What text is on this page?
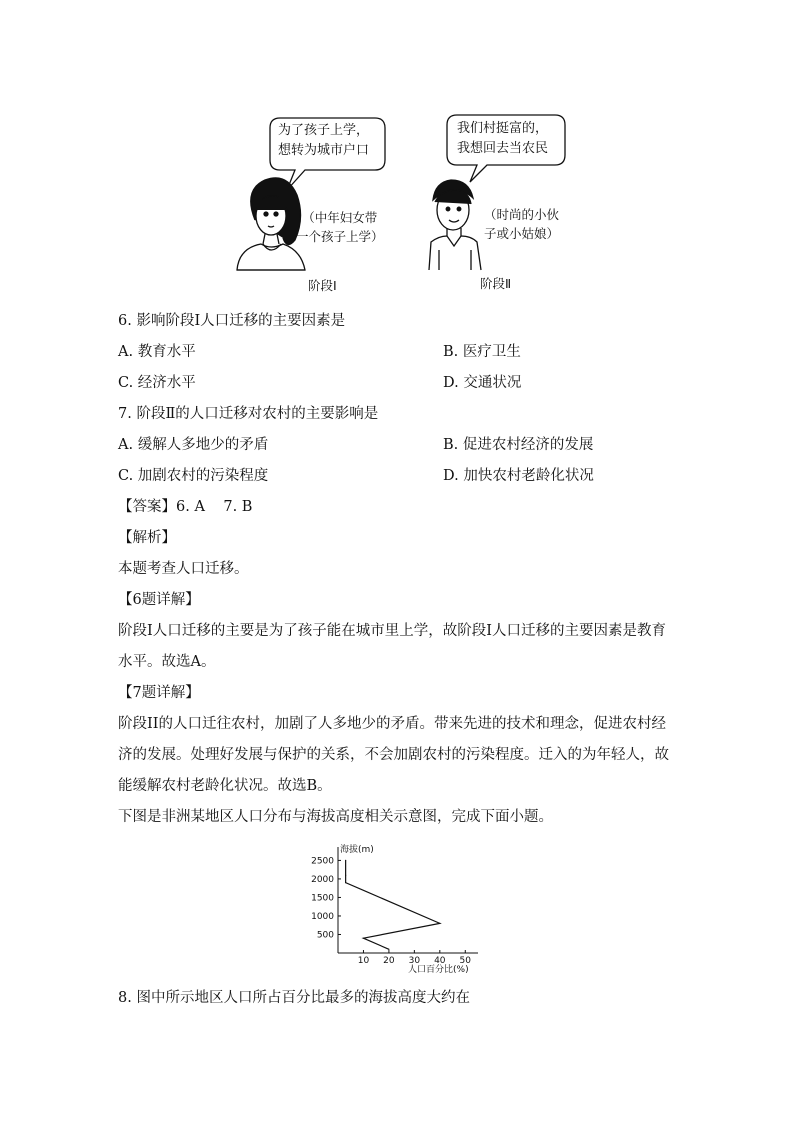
为了孩子上学，
想转为城市户口
（中年妇女带
一个孩子上学）
阶段Ⅰ
我们村挺富的，
我想回去当农民
（时尚的小伙
子或小姑娘）
阶段Ⅱ
6. 影响阶段Ⅰ人口迁移的主要因素是
A. 教育水平	B. 医疗卫生
C. 经济水平	D. 交通状况
7. 阶段Ⅱ的人口迁移对农村的主要影响是
A. 缓解人多地少的矛盾	B. 促进农村经济的发展
C. 加剧农村的污染程度	D. 加快农村老龄化状况
【答案】6. A    7. B
【解析】
本题考查人口迁移。
【6题详解】
阶段Ⅰ人口迁移的主要是为了孩子能在城市里上学，故阶段Ⅰ人口迁移的主要因素是教育水平。故选A。
【7题详解】
阶段II的人口迁往农村，加剧了人多地少的矛盾。带来先进的技术和理念，促进农村经济的发展。处理好发展与保护的关系，不会加剧农村的污染程度。迁入的为年轻人，故能缓解农村老龄化状况。故选B。
下图是非洲某地区人口分布与海拔高度相关示意图，完成下面小题。
10 20 30 40 50
500
1000
1500
2000
2500
海拔(m)
人口百分比(%)
8. 图中所示地区人口所占百分比最多的海拔高度大约在
